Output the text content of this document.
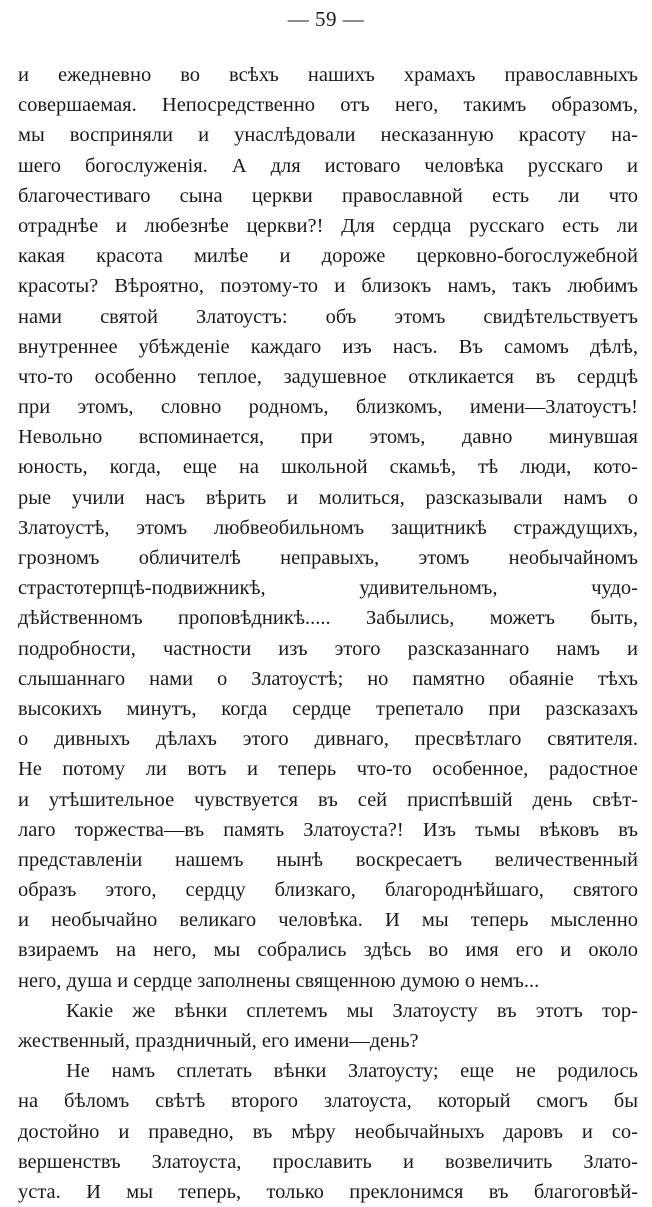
— 59 —
и ежедневно во всѣхъ нашихъ храмахъ православныхъ
совершаемая. Непосредственно отъ него, такимъ образомъ,
мы восприняли и унаслѣдовали несказанную красоту на-
шего богослуженія. А для истоваго человѣка русскаго и
благочестиваго сына церкви православной есть ли что
отраднѣе и любезнѣе церкви?! Для сердца русскаго есть ли
какая красота милѣе и дороже церковно-богослужебной
красоты? Вѣроятно, поэтому-то и близокъ намъ, такъ любимъ
нами святой Златоустъ: объ этомъ свидѣтельствуетъ
внутреннее убѣжденіе каждаго изъ насъ. Въ самомъ дѣлѣ,
что-то особенно теплое, задушевное откликается въ сердцѣ
при этомъ, словно родномъ, близкомъ, имени—Златоустъ!
Невольно вспоминается, при этомъ, давно минувшая
юность, когда, еще на школьной скамьѣ, тѣ люди, кото-
рые учили насъ вѣрить и молиться, разсказывали намъ о
Златоустѣ, этомъ любвеобильномъ защитникѣ страждущихъ,
грозномъ обличителѣ неправыхъ, этомъ необычайномъ
страстотерпцѣ-подвижникѣ, удивительномъ, чудо-
дѣйственномъ проповѣдникѣ..... Забылись, можетъ быть,
подробности, частности изъ этого разсказаннаго намъ и
слышаннаго нами о Златоустѣ; но памятно обаяніе тѣхъ
высокихъ минутъ, когда сердце трепетало при разсказахъ
о дивныхъ дѣлахъ этого дивнаго, пресвѣтлаго святителя.
Не потому ли вотъ и теперь что-то особенное, радостное
и утѣшительное чувствуется въ сей приспѣвшій день свѣт-
лаго торжества—въ память Златоуста?! Изъ тьмы вѣковъ въ
представленіи нашемъ нынѣ воскресаетъ величественный
образъ этого, сердцу близкаго, благороднѣйшаго, святого
и необычайно великаго человѣка. И мы теперь мысленно
взираемъ на него, мы собрались здѣсь во имя его и около
него, душа и сердце заполнены священною думою о немъ...
Какіе же вѣнки сплетемъ мы Златоусту въ этотъ тор-
жественный, праздничный, его имени—день?
Не намъ сплетать вѣнки Златоусту; еще не родилось
на бѣломъ свѣтѣ второго златоуста, который смогъ бы
достойно и праведно, въ мѣру необычайныхъ даровъ и со-
вершенствъ Златоуста, прославить и возвеличить Злато-
уста. И мы теперь, только преклонимся въ благоговѣй-
